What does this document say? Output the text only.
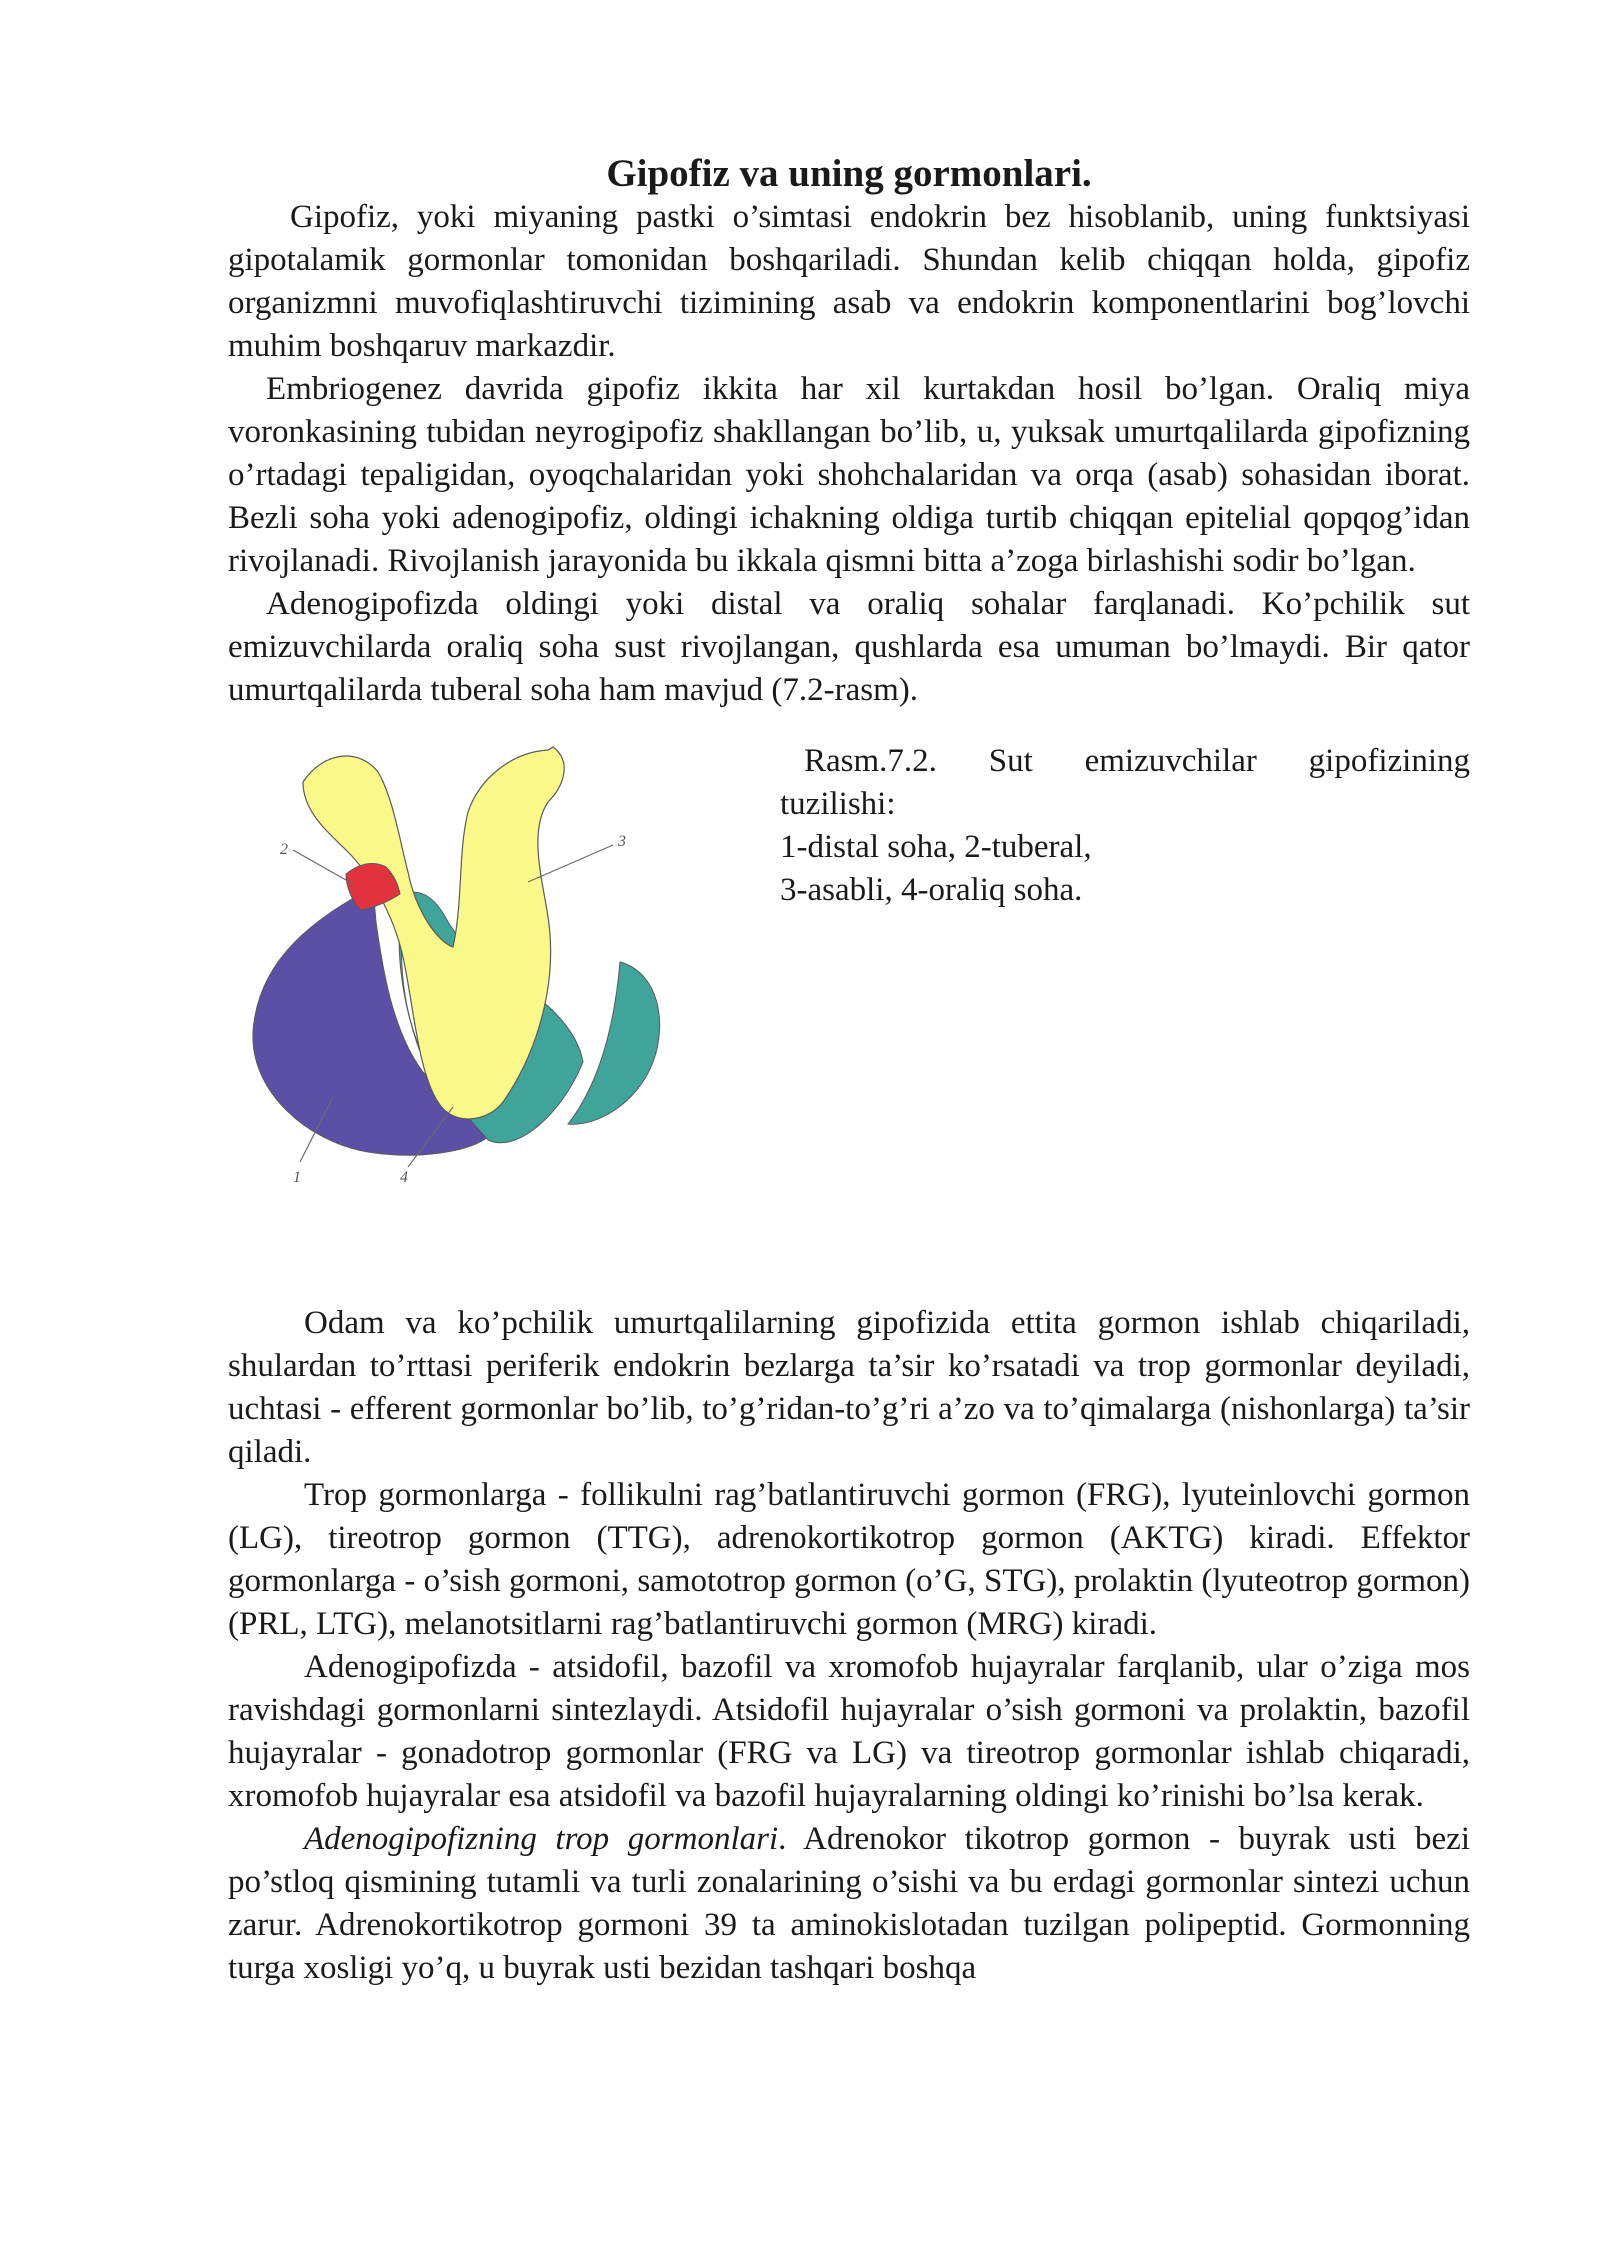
Gipofiz va uning gormonlari.

Gipofiz, yoki miyaning pastki o’simtasi endokrin bez hisoblanib, uning funktsiyasi gipotalamik gormonlar tomonidan boshqariladi. Shundan kelib chiqqan holda, gipofiz organizmni muvofiqlashtiruvchi tizimining asab va endokrin komponentlarini bog’lovchi muhim boshqaruv markazdir.

Embriogenez davrida gipofiz ikkita har xil kurtakdan hosil bo’lgan. Oraliq miya voronkasining tubidan neyrogipofiz shakllangan bo’lib, u, yuksak umurtqalilarda gipofizning o’rtadagi tepaligidan, oyoqchalaridan yoki shohchalaridan va orqa (asab) sohasidan iborat. Bezli soha yoki adenogipofiz, oldingi ichakning oldiga turtib chiqqan epitelial qopqog’idan rivojlanadi. Rivojlanish jarayonida bu ikkala qismni bitta a’zoga birlashishi sodir bo’lgan.

Adenogipofizda oldingi yoki distal va oraliq sohalar farqlanadi. Ko’pchilik sut emizuvchilarda oraliq soha sust rivojlangan, qushlarda esa umuman bo’lmaydi. Bir qator umurtqalilarda tuberal soha ham mavjud (7.2-rasm).

2	3
1	4
Rasm.7.2. Sut emizuvchilar gipofizining
tuzilishi:
1-distal soha, 2-tuberal,
3-asabli, 4-oraliq soha.

Odam va ko’pchilik umurtqalilarning gipofizida ettita gormon ishlab chiqariladi, shulardan to’rttasi periferik endokrin bezlarga ta’sir ko’rsatadi va trop gormonlar deyiladi, uchtasi - efferent gormonlar bo’lib, to’g’ridan-to’g’ri a’zo va to’qimalarga (nishonlarga) ta’sir qiladi.

Trop gormonlarga - follikulni rag’batlantiruvchi gormon (FRG), lyuteinlovchi gormon (LG), tireotrop gormon (TTG), adrenokortikotrop gormon (AKTG) kiradi. Effektor gormonlarga - o’sish gormoni, samototrop gormon (o’G, STG), prolaktin (lyuteotrop gormon) (PRL, LTG), melanotsitlarni rag’batlantiruvchi gormon (MRG) kiradi.

Adenogipofizda - atsidofil, bazofil va xromofob hujayralar farqlanib, ular o’ziga mos ravishdagi gormonlarni sintezlaydi. Atsidofil hujayralar o’sish gormoni va prolaktin, bazofil hujayralar - gonadotrop gormonlar (FRG va LG) va tireotrop gormonlar ishlab chiqaradi, xromofob hujayralar esa atsidofil va bazofil hujayralarning oldingi ko’rinishi bo’lsa kerak.

Adenogipofizning trop gormonlari. Adrenokor tikotrop gormon - buyrak usti bezi po’stloq qismining tutamli va turli zonalarining o’sishi va bu erdagi gormonlar sintezi uchun zarur. Adrenokortikotrop gormoni 39 ta aminokislotadan tuzilgan polipeptid. Gormonning turga xosligi yo’q, u buyrak usti bezidan tashqari boshqa
